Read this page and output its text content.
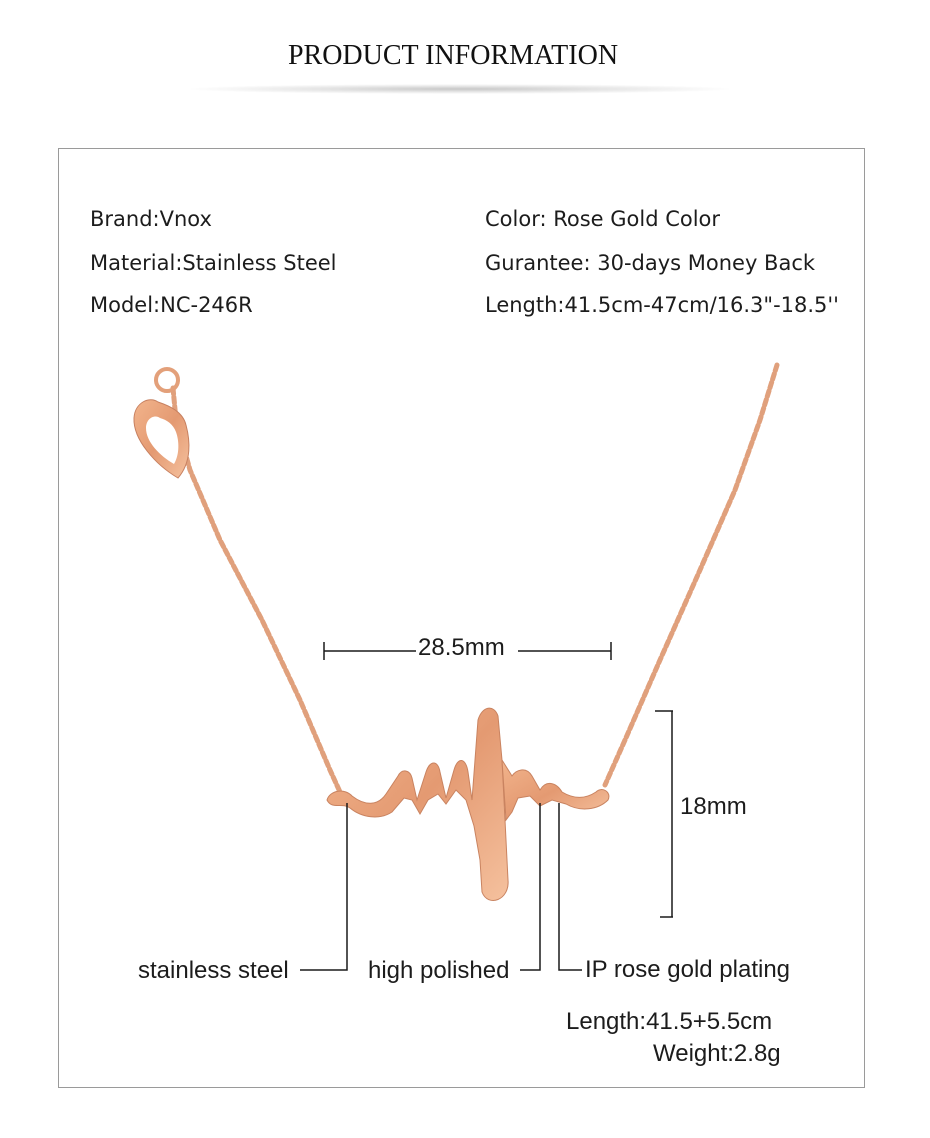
PRODUCT INFORMATION
Brand:Vnox
Material:Stainless Steel
Model:NC-246R
Color: Rose Gold Color
Gurantee: 30-days Money Back
Length:41.5cm-47cm/16.3"-18.5''
28.5mm
18mm
stainless steel	high polished	IP rose gold plating
Length:41.5+5.5cm
Weight:2.8g
